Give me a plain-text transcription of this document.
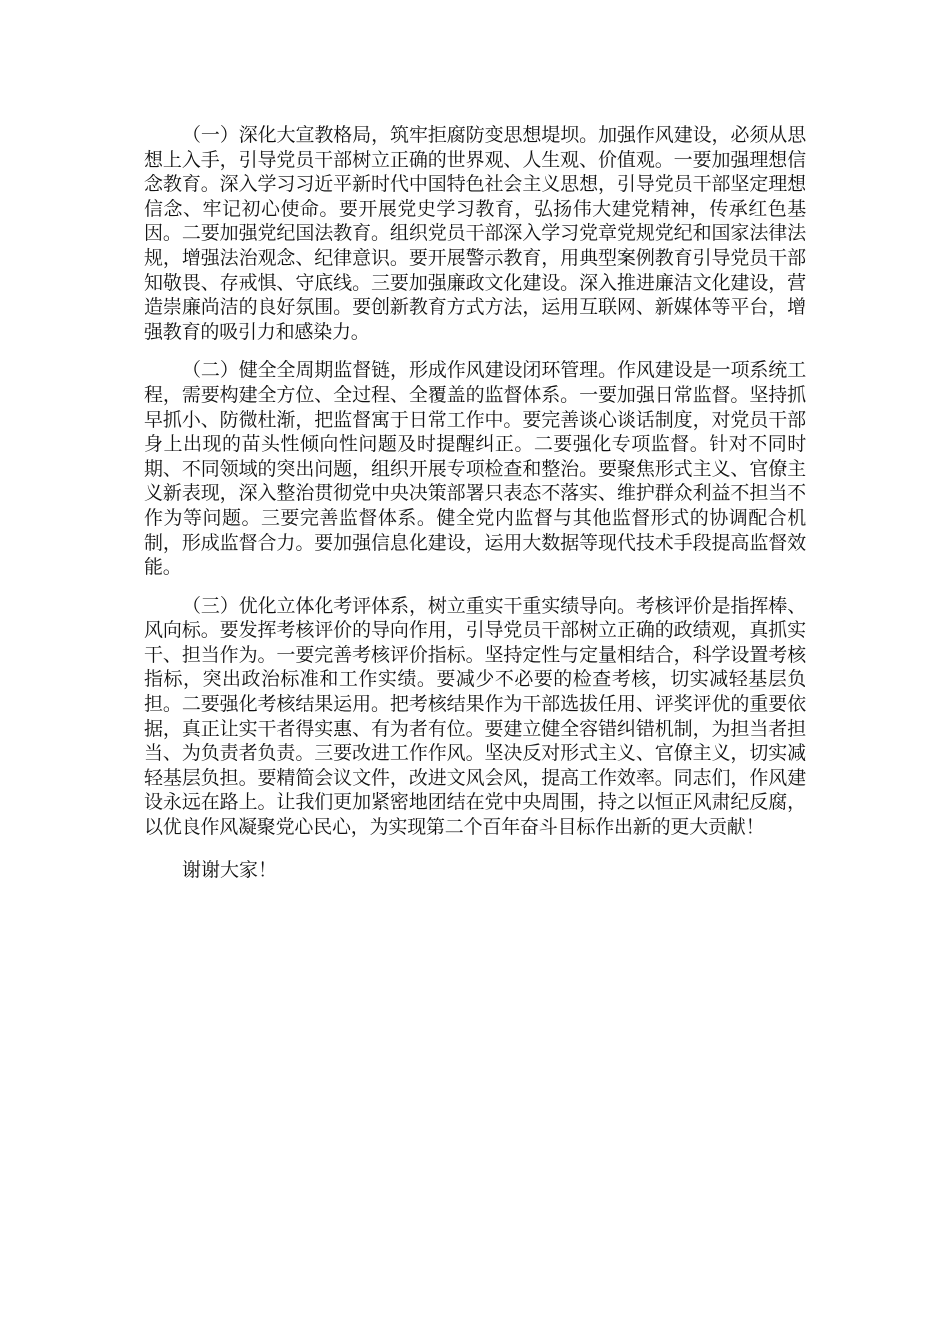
（一）深化大宣教格局，筑牢拒腐防变思想堤坝。加强作风建设，必须从思想上入手，引导党员干部树立正确的世界观、人生观、价值观。一要加强理想信念教育。深入学习习近平新时代中国特色社会主义思想，引导党员干部坚定理想信念、牢记初心使命。要开展党史学习教育，弘扬伟大建党精神，传承红色基因。二要加强党纪国法教育。组织党员干部深入学习党章党规党纪和国家法律法规，增强法治观念、纪律意识。要开展警示教育，用典型案例教育引导党员干部知敬畏、存戒惧、守底线。三要加强廉政文化建设。深入推进廉洁文化建设，营造崇廉尚洁的良好氛围。要创新教育方式方法，运用互联网、新媒体等平台，增强教育的吸引力和感染力。

（二）健全全周期监督链，形成作风建设闭环管理。作风建设是一项系统工程，需要构建全方位、全过程、全覆盖的监督体系。一要加强日常监督。坚持抓早抓小、防微杜渐，把监督寓于日常工作中。要完善谈心谈话制度，对党员干部身上出现的苗头性倾向性问题及时提醒纠正。二要强化专项监督。针对不同时期、不同领域的突出问题，组织开展专项检查和整治。要聚焦形式主义、官僚主义新表现，深入整治贯彻党中央决策部署只表态不落实、维护群众利益不担当不作为等问题。三要完善监督体系。健全党内监督与其他监督形式的协调配合机制，形成监督合力。要加强信息化建设，运用大数据等现代技术手段提高监督效能。

（三）优化立体化考评体系，树立重实干重实绩导向。考核评价是指挥棒、风向标。要发挥考核评价的导向作用，引导党员干部树立正确的政绩观，真抓实干、担当作为。一要完善考核评价指标。坚持定性与定量相结合，科学设置考核指标，突出政治标准和工作实绩。要减少不必要的检查考核，切实减轻基层负担。二要强化考核结果运用。把考核结果作为干部选拔任用、评奖评优的重要依据，真正让实干者得实惠、有为者有位。要建立健全容错纠错机制，为担当者担当、为负责者负责。三要改进工作作风。坚决反对形式主义、官僚主义，切实减轻基层负担。要精简会议文件，改进文风会风，提高工作效率。同志们，作风建设永远在路上。让我们更加紧密地团结在党中央周围，持之以恒正风肃纪反腐，以优良作风凝聚党心民心，为实现第二个百年奋斗目标作出新的更大贡献！

谢谢大家！
